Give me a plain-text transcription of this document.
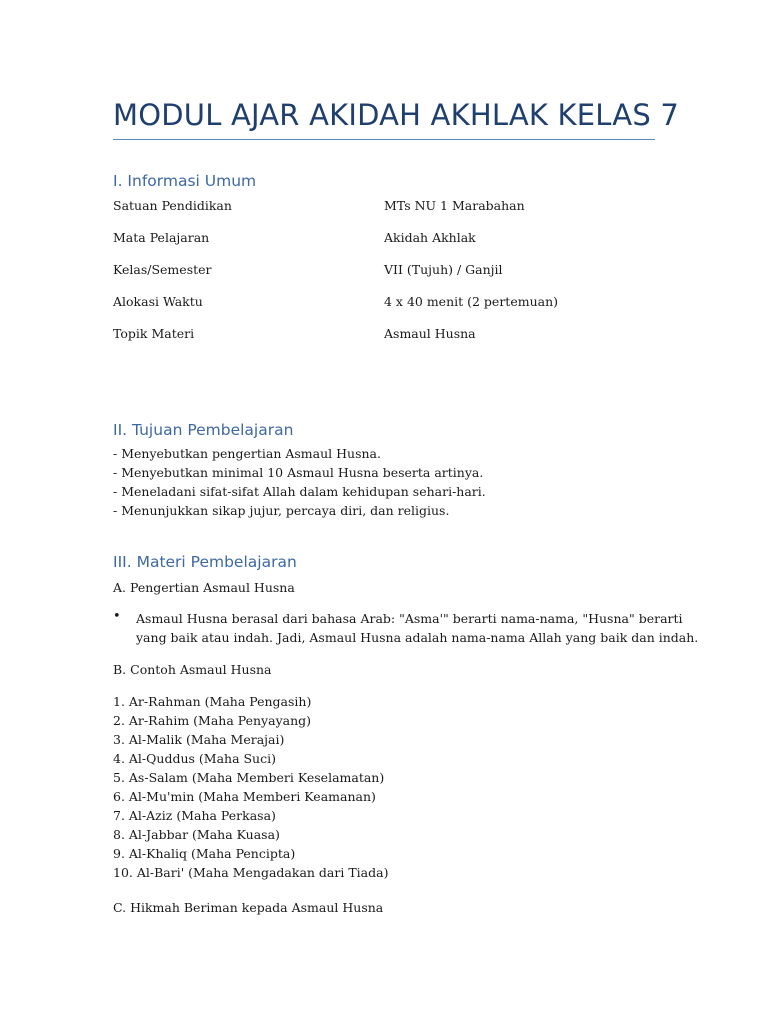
MODUL AJAR AKIDAH AKHLAK KELAS 7
I. Informasi Umum
Satuan Pendidikan	MTs NU 1 Marabahan
Mata Pelajaran	Akidah Akhlak
Kelas/Semester	VII (Tujuh) / Ganjil
Alokasi Waktu	4 x 40 menit (2 pertemuan)
Topik Materi	Asmaul Husna
II. Tujuan Pembelajaran
- Menyebutkan pengertian Asmaul Husna.
- Menyebutkan minimal 10 Asmaul Husna beserta artinya.
- Meneladani sifat-sifat Allah dalam kehidupan sehari-hari.
- Menunjukkan sikap jujur, percaya diri, dan religius.
III. Materi Pembelajaran
A. Pengertian Asmaul Husna
• Asmaul Husna berasal dari bahasa Arab: "Asma'" berarti nama-nama, "Husna" berarti
yang baik atau indah. Jadi, Asmaul Husna adalah nama-nama Allah yang baik dan indah.
B. Contoh Asmaul Husna
1. Ar-Rahman (Maha Pengasih)
2. Ar-Rahim (Maha Penyayang)
3. Al-Malik (Maha Merajai)
4. Al-Quddus (Maha Suci)
5. As-Salam (Maha Memberi Keselamatan)
6. Al-Mu'min (Maha Memberi Keamanan)
7. Al-Aziz (Maha Perkasa)
8. Al-Jabbar (Maha Kuasa)
9. Al-Khaliq (Maha Pencipta)
10. Al-Bari' (Maha Mengadakan dari Tiada)
C. Hikmah Beriman kepada Asmaul Husna
